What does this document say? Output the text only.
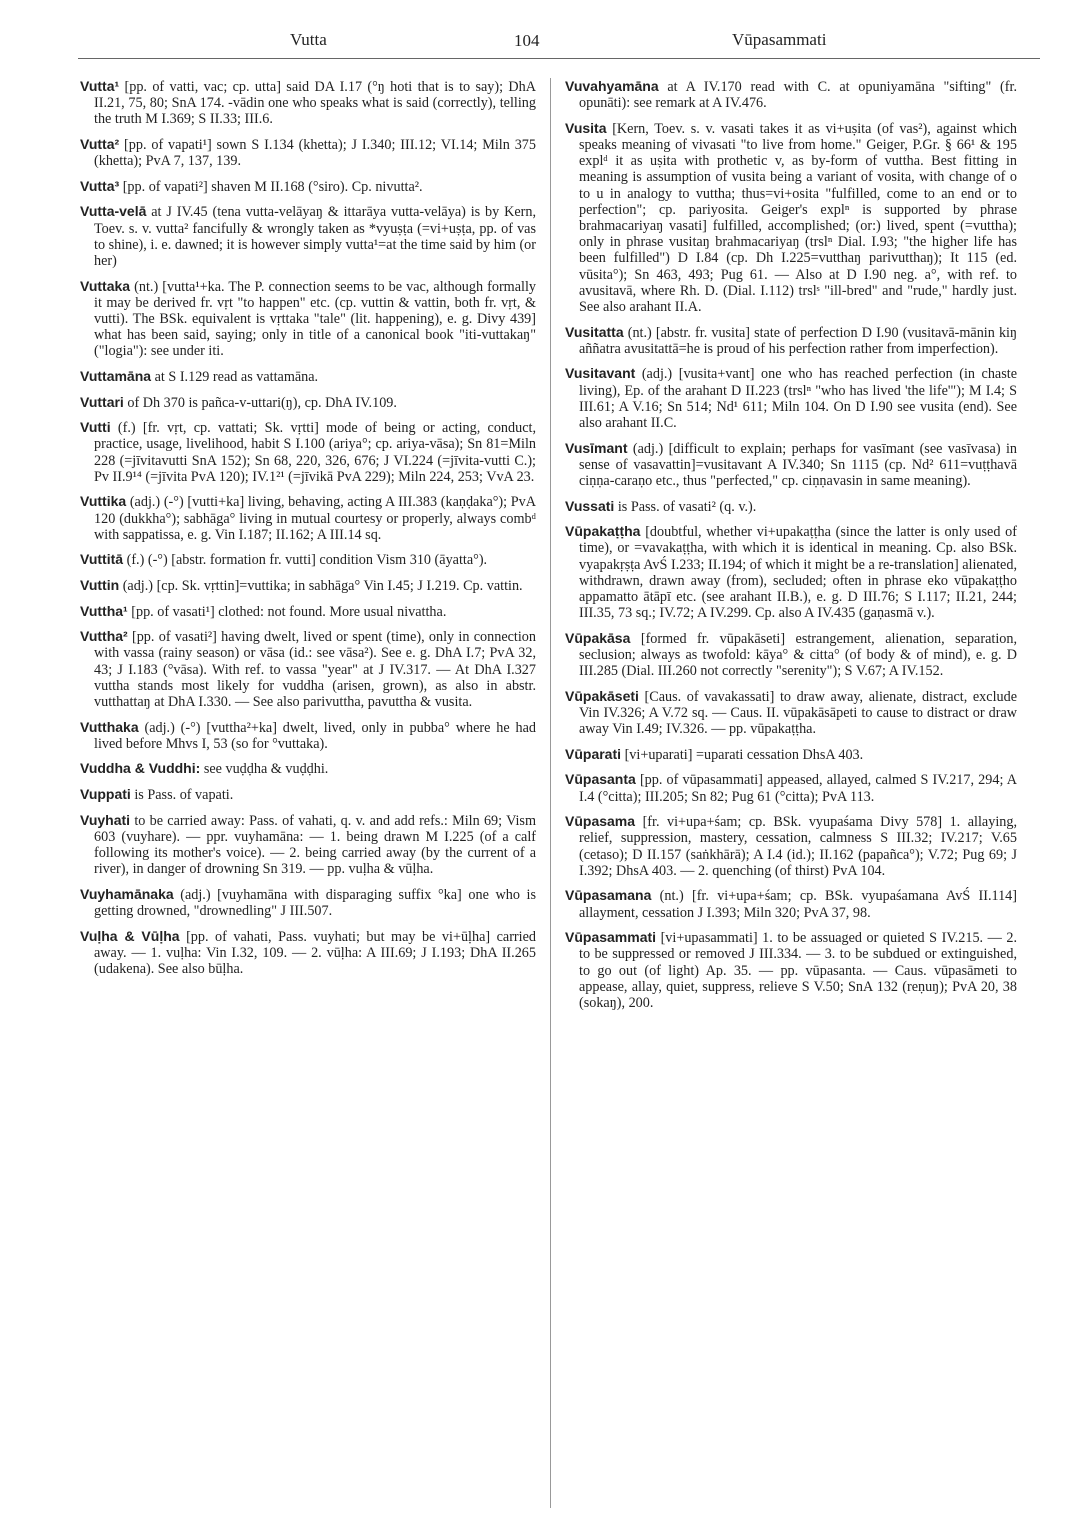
Vutta	104	Vūpasammati

Vutta¹ [pp. of vatti, vac; cp. utta] said DA I.17 (°ŋ hoti that is to say); DhA II.21, 75, 80; SnA 174. -vādin one who speaks what is said (correctly), telling the truth M I.369; S II.33; III.6.

Vutta² [pp. of vapati¹] sown S I.134 (khetta); J I.340; III.12; VI.14; Miln 375 (khetta); PvA 7, 137, 139.

Vutta³ [pp. of vapati²] shaven M II.168 (°siro). Cp. nivutta².

Vutta-velā at J IV.45 (tena vutta-velāyaŋ & ittarāya vutta-velāya) is by Kern, Toev. s. v. vutta² fancifully & wrongly taken as *vyuṣṭa (=vi+uṣṭa, pp. of vas to shine), i. e. dawned; it is however simply vutta¹=at the time said by him (or her)

Vuttaka (nt.) [vutta¹+ka. The P. connection seems to be vac, although formally it may be derived fr. vṛt "to happen" etc. (cp. vuttin & vattin, both fr. vṛt, & vutti). The BSk. equivalent is vṛttaka "tale" (lit. happening), e. g. Divy 439] what has been said, saying; only in title of a canonical book "iti-vuttakaŋ" ("logia"): see under iti.

Vuttamāna at S I.129 read as vattamāna.

Vuttari of Dh 370 is pañca-v-uttari(ŋ), cp. DhA IV.109.

Vutti (f.) [fr. vṛt, cp. vattati; Sk. vṛtti] mode of being or acting, conduct, practice, usage, livelihood, habit S I.100 (ariya°; cp. ariya-vāsa); Sn 81=Miln 228 (=jīvitavutti SnA 152); Sn 68, 220, 326, 676; J VI.224 (=jīvita-vutti C.); Pv II.9¹⁴ (=jīvita PvA 120); IV.1²¹ (=jīvikā PvA 229); Miln 224, 253; VvA 23.

Vuttika (adj.) (-°) [vutti+ka] living, behaving, acting A III.383 (kaṇḍaka°); PvA 120 (dukkha°); sabhāga° living in mutual courtesy or properly, always combᵈ with sappatissa, e. g. Vin I.187; II.162; A III.14 sq.

Vuttitā (f.) (-°) [abstr. formation fr. vutti] condition Vism 310 (āyatta°).

Vuttin (adj.) [cp. Sk. vṛttin]=vuttika; in sabhāga° Vin I.45; J I.219. Cp. vattin.

Vuttha¹ [pp. of vasati¹] clothed: not found. More usual nivattha.

Vuttha² [pp. of vasati²] having dwelt, lived or spent (time), only in connection with vassa (rainy season) or vāsa (id.: see vāsa²). See e. g. DhA I.7; PvA 32, 43; J I.183 (°vāsa). With ref. to vassa "year" at J IV.317. — At DhA I.327 vuttha stands most likely for vuddha (arisen, grown), as also in abstr. vutthattaŋ at DhA I.330. — See also parivuttha, pavuttha & vusita.

Vutthaka (adj.) (-°) [vuttha²+ka] dwelt, lived, only in pubba° where he had lived before Mhvs I, 53 (so for °vuttaka).

Vuddha & Vuddhi: see vuḍḍha & vuḍḍhi.

Vuppati is Pass. of vapati.

Vuyhati to be carried away: Pass. of vahati, q. v. and add refs.: Miln 69; Vism 603 (vuyhare). — ppr. vuyhamāna: — 1. being drawn M I.225 (of a calf following its mother's voice). — 2. being carried away (by the current of a river), in danger of drowning Sn 319. — pp. vuḷha & vūḷha.

Vuyhamānaka (adj.) [vuyhamāna with disparaging suffix °ka] one who is getting drowned, "drownedling" J III.507.

Vuḷha & Vūḷha [pp. of vahati, Pass. vuyhati; but may be vi+ūḷha] carried away. — 1. vuḷha: Vin I.32, 109. — 2. vūḷha: A III.69; J I.193; DhA II.265 (udakena). See also būḷha.

Vuvahyamāna at A IV.170 read with C. at opuniyamāna "sifting" (fr. opunāti): see remark at A IV.476.

Vusita [Kern, Toev. s. v. vasati takes it as vi+uṣita (of vas²), against which speaks meaning of vivasati "to live from home." Geiger, P.Gr. § 66¹ & 195 explᵈ it as uṣita with prothetic v, as by-form of vuttha. Best fitting in meaning is assumption of vusita being a variant of vosita, with change of o to u in analogy to vuttha; thus=vi+osita "fulfilled, come to an end or to perfection"; cp. pariyosita. Geiger's explⁿ is supported by phrase brahmacariyaŋ vasati] fulfilled, accomplished; (or:) lived, spent (=vuttha); only in phrase vusitaŋ brahmacariyaŋ (trslⁿ Dial. I.93; "the higher life has been fulfilled") D I.84 (cp. Dh I.225=vutthaŋ parivutthaŋ); It 115 (ed. vūsita°); Sn 463, 493; Pug 61. — Also at D I.90 neg. a°, with ref. to avusitavā, where Rh. D. (Dial. I.112) trslˢ "ill-bred" and "rude," hardly just. See also arahant II.A.

Vusitatta (nt.) [abstr. fr. vusita] state of perfection D I.90 (vusitavā-mānin kiŋ aññatra avusitattā=he is proud of his perfection rather from imperfection).

Vusitavant (adj.) [vusita+vant] one who has reached perfection (in chaste living), Ep. of the arahant D II.223 (trslⁿ "who has lived 'the life'"); M I.4; S III.61; A V.16; Sn 514; Nd¹ 611; Miln 104. On D I.90 see vusita (end). See also arahant II.C.

Vusīmant (adj.) [difficult to explain; perhaps for vasīmant (see vasīvasa) in sense of vasavattin]=vusitavant A IV.340; Sn 1115 (cp. Nd² 611=vuṭṭhavā ciṇṇa-caraṇo etc., thus "perfected," cp. ciṇṇavasin in same meaning).

Vussati is Pass. of vasati² (q. v.).

Vūpakaṭṭha [doubtful, whether vi+upakaṭṭha (since the latter is only used of time), or =vavakaṭṭha, with which it is identical in meaning. Cp. also BSk. vyapakṛṣṭa AvŚ I.233; II.194; of which it might be a re-translation] alienated, withdrawn, drawn away (from), secluded; often in phrase eko vūpakaṭṭho appamatto ātāpī etc. (see arahant II.B.), e. g. D III.76; S I.117; II.21, 244; III.35, 73 sq.; IV.72; A IV.299. Cp. also A IV.435 (gaṇasmā v.).

Vūpakāsa [formed fr. vūpakāseti] estrangement, alienation, separation, seclusion; always as twofold: kāya° & citta° (of body & of mind), e. g. D III.285 (Dial. III.260 not correctly "serenity"); S V.67; A IV.152.

Vūpakāseti [Caus. of vavakassati] to draw away, alienate, distract, exclude Vin IV.326; A V.72 sq. — Caus. II. vūpakāsāpeti to cause to distract or draw away Vin I.49; IV.326. — pp. vūpakaṭṭha.

Vūparati [vi+uparati] =uparati cessation DhsA 403.

Vūpasanta [pp. of vūpasammati] appeased, allayed, calmed S IV.217, 294; A I.4 (°citta); III.205; Sn 82; Pug 61 (°citta); PvA 113.

Vūpasama [fr. vi+upa+śam; cp. BSk. vyupaśama Divy 578] 1. allaying, relief, suppression, mastery, cessation, calmness S III.32; IV.217; V.65 (cetaso); D II.157 (saṅkhārā); A I.4 (id.); II.162 (papañca°); V.72; Pug 69; J I.392; DhsA 403. — 2. quenching (of thirst) PvA 104.

Vūpasamana (nt.) [fr. vi+upa+śam; cp. BSk. vyupaśamana AvŚ II.114] allayment, cessation J I.393; Miln 320; PvA 37, 98.

Vūpasammati [vi+upasammati] 1. to be assuaged or quieted S IV.215. — 2. to be suppressed or removed J III.334. — 3. to be subdued or extinguished, to go out (of light) Ap. 35. — pp. vūpasanta. — Caus. vūpasāmeti to appease, allay, quiet, suppress, relieve S V.50; SnA 132 (reṇuŋ); PvA 20, 38 (sokaŋ), 200.
